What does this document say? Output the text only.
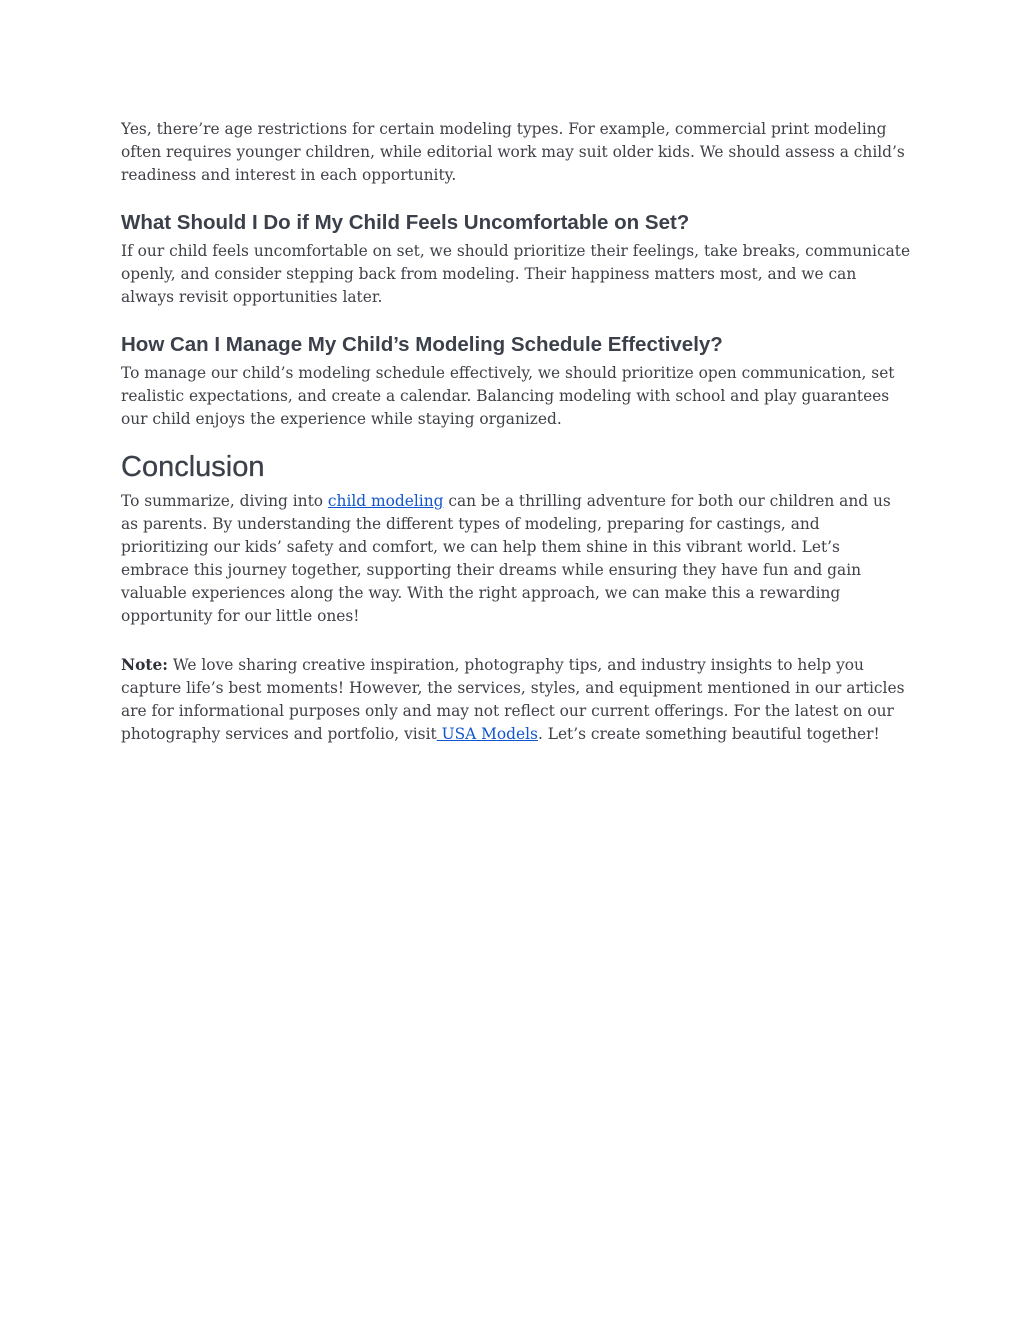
Yes, there’re age restrictions for certain modeling types. For example, commercial print modeling often requires younger children, while editorial work may suit older kids. We should assess a child’s readiness and interest in each opportunity.

What Should I Do if My Child Feels Uncomfortable on Set?

If our child feels uncomfortable on set, we should prioritize their feelings, take breaks, communicate openly, and consider stepping back from modeling. Their happiness matters most, and we can always revisit opportunities later.

How Can I Manage My Child’s Modeling Schedule Effectively?

To manage our child’s modeling schedule effectively, we should prioritize open communication, set realistic expectations, and create a calendar. Balancing modeling with school and play guarantees our child enjoys the experience while staying organized.

Conclusion

To summarize, diving into child modeling can be a thrilling adventure for both our children and us as parents. By understanding the different types of modeling, preparing for castings, and prioritizing our kids’ safety and comfort, we can help them shine in this vibrant world. Let’s embrace this journey together, supporting their dreams while ensuring they have fun and gain valuable experiences along the way. With the right approach, we can make this a rewarding opportunity for our little ones!

Note: We love sharing creative inspiration, photography tips, and industry insights to help you capture life’s best moments! However, the services, styles, and equipment mentioned in our articles are for informational purposes only and may not reflect our current offerings. For the latest on our photography services and portfolio, visit USA Models. Let’s create something beautiful together!
